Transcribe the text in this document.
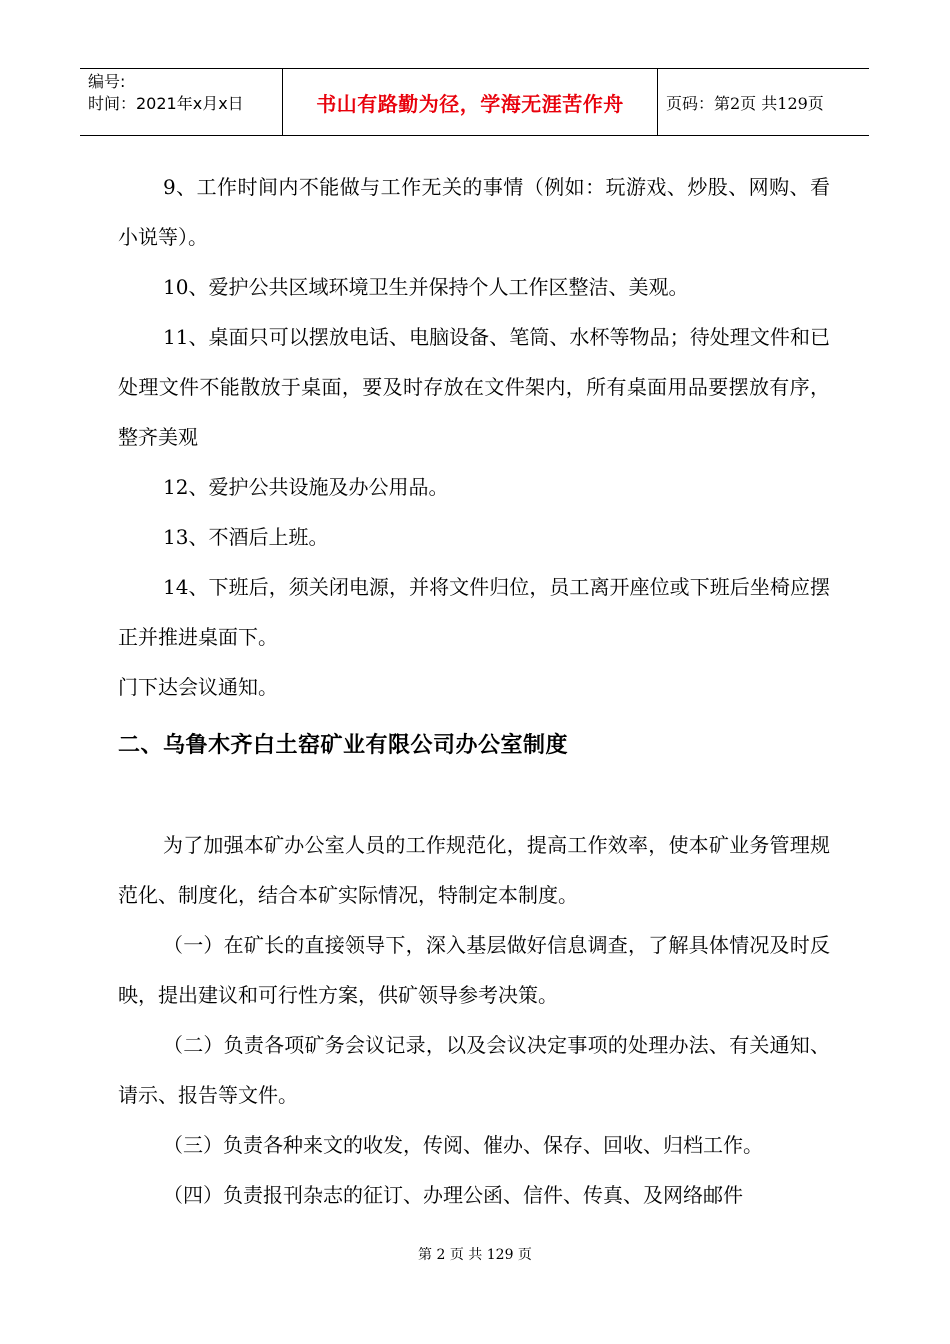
编号:
时间：2021年x月x日	书山有路勤为径，学海无涯苦作舟	页码：第2页 共129页

9、工作时间内不能做与工作无关的事情（例如：玩游戏、炒股、网购、看小说等）。

10、爱护公共区域环境卫生并保持个人工作区整洁、美观。

11、桌面只可以摆放电话、电脑设备、笔筒、水杯等物品；待处理文件和已处理文件不能散放于桌面，要及时存放在文件架内，所有桌面用品要摆放有序，整齐美观

12、爱护公共设施及办公用品。

13、不酒后上班。

14、下班后，须关闭电源，并将文件归位，员工离开座位或下班后坐椅应摆正并推进桌面下。

门下达会议通知。

二、乌鲁木齐白土窑矿业有限公司办公室制度

为了加强本矿办公室人员的工作规范化，提高工作效率，使本矿业务管理规范化、制度化，结合本矿实际情况，特制定本制度。

（一）在矿长的直接领导下，深入基层做好信息调查，了解具体情况及时反映，提出建议和可行性方案，供矿领导参考决策。

（二）负责各项矿务会议记录，以及会议决定事项的处理办法、有关通知、请示、报告等文件。

（三）负责各种来文的收发，传阅、催办、保存、回收、归档工作。

（四）负责报刊杂志的征订、办理公函、信件、传真、及网络邮件

第 2 页 共 129 页
